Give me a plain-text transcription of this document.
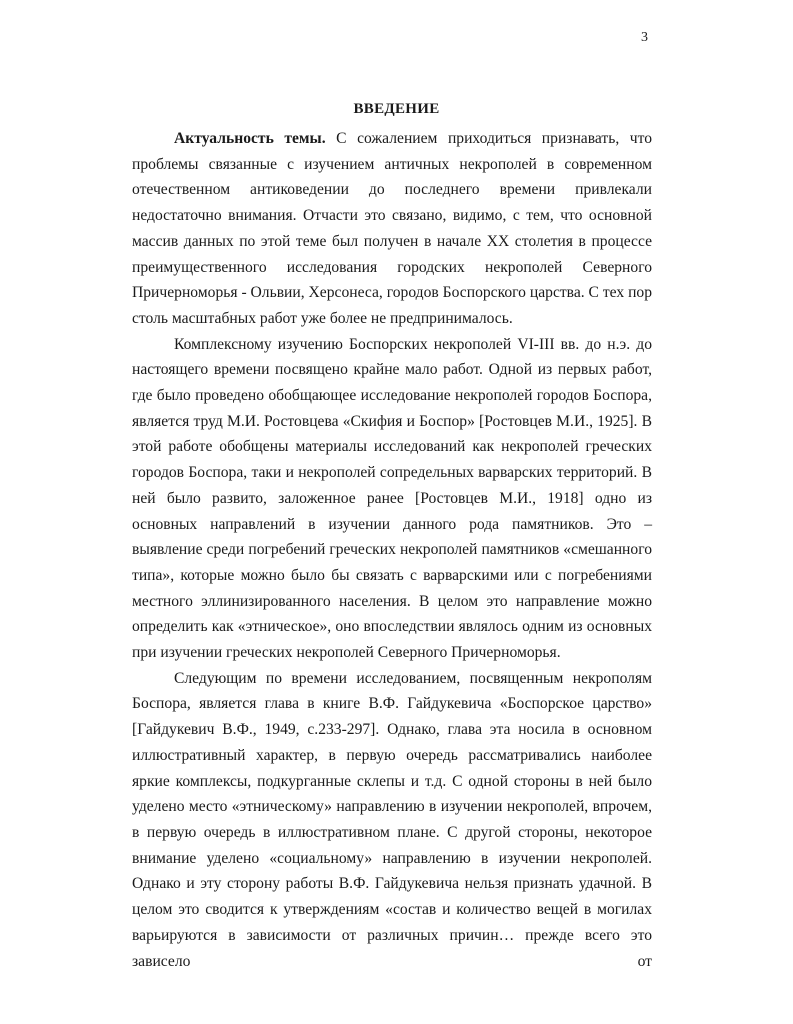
3
ВВЕДЕНИЕ

Актуальность темы. С сожалением приходиться признавать, что проблемы связанные с изучением античных некрополей в современном отечественном антиковедении до последнего времени привлекали недостаточно внимания. Отчасти это связано, видимо, с тем, что основной массив данных по этой теме был получен в начале XX столетия в процессе преимущественного исследования городских некрополей Северного Причерноморья - Ольвии, Херсонеса, городов Боспорского царства. С тех пор столь масштабных работ уже более не предпринималось.

Комплексному изучению Боспорских некрополей VI-III вв. до н.э. до настоящего времени посвящено крайне мало работ. Одной из первых работ, где было проведено обобщающее исследование некрополей городов Боспора, является труд М.И. Ростовцева «Скифия и Боспор» [Ростовцев М.И., 1925]. В этой работе обобщены материалы исследований как некрополей греческих городов Боспора, таки и некрополей сопредельных варварских территорий. В ней было развито, заложенное ранее [Ростовцев М.И., 1918] одно из основных направлений в изучении данного рода памятников. Это – выявление среди погребений греческих некрополей памятников «смешанного типа», которые можно было бы связать с варварскими или с погребениями местного эллинизированного населения. В целом это направление можно определить как «этническое», оно впоследствии являлось одним из основных при изучении греческих некрополей Северного Причерноморья.

Следующим по времени исследованием, посвященным некрополям Боспора, является глава в книге В.Ф. Гайдукевича «Боспорское царство» [Гайдукевич В.Ф., 1949, с.233-297]. Однако, глава эта носила в основном иллюстративный характер, в первую очередь рассматривались наиболее яркие комплексы, подкурганные склепы и т.д. С одной стороны в ней было уделено место «этническому» направлению в изучении некрополей, впрочем, в первую очередь в иллюстративном плане. С другой стороны, некоторое внимание уделено «социальному» направлению в изучении некрополей. Однако и эту сторону работы В.Ф. Гайдукевича нельзя признать удачной. В целом это сводится к утверждениям «состав и количество вещей в могилах варьируются в зависимости от различных причин… прежде всего это зависело от
